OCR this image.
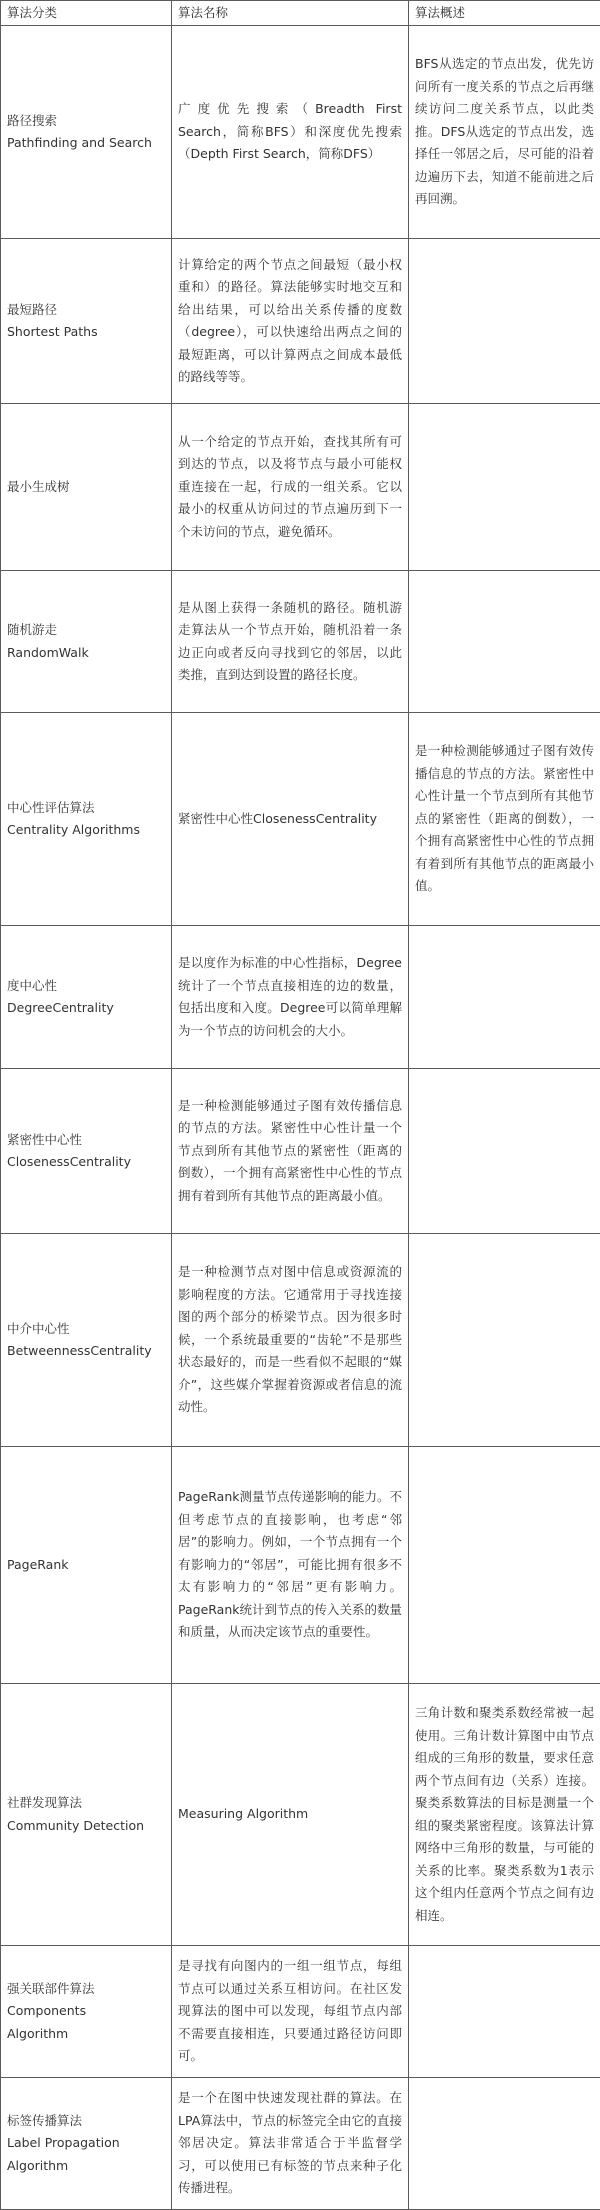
算法分类	算法名称	算法概述

路径搜索
Pathfinding and Search	广度优先搜索（Breadth First Search，简称BFS）和深度优先搜索（Depth First Search，简称DFS）	BFS从选定的节点出发，优先访问所有一度关系的节点之后再继续访问二度关系节点，以此类推。DFS从选定的节点出发，选择任一邻居之后，尽可能的沿着边遍历下去，知道不能前进之后再回溯。

最短路径
Shortest Paths	计算给定的两个节点之间最短（最小权重和）的路径。算法能够实时地交互和给出结果，可以给出关系传播的度数（degree），可以快速给出两点之间的最短距离，可以计算两点之间成本最低的路线等等。	

最小生成树	从一个给定的节点开始，查找其所有可到达的节点，以及将节点与最小可能权重连接在一起，行成的一组关系。它以最小的权重从访问过的节点遍历到下一个未访问的节点，避免循环。	

随机游走
RandomWalk	是从图上获得一条随机的路径。随机游走算法从一个节点开始，随机沿着一条边正向或者反向寻找到它的邻居，以此类推，直到达到设置的路径长度。	

中心性评估算法
Centrality Algorithms	紧密性中心性ClosenessCentrality	是一种检测能够通过子图有效传播信息的节点的方法。紧密性中心性计量一个节点到所有其他节点的紧密性（距离的倒数），一个拥有高紧密性中心性的节点拥有着到所有其他节点的距离最小值。

度中心性
DegreeCentrality	是以度作为标准的中心性指标，Degree统计了一个节点直接相连的边的数量，包括出度和入度。Degree可以简单理解为一个节点的访问机会的大小。	

紧密性中心性
ClosenessCentrality	是一种检测能够通过子图有效传播信息的节点的方法。紧密性中心性计量一个节点到所有其他节点的紧密性（距离的倒数），一个拥有高紧密性中心性的节点拥有着到所有其他节点的距离最小值。	

中介中心性
BetweennessCentrality	是一种检测节点对图中信息或资源流的影响程度的方法。它通常用于寻找连接图的两个部分的桥梁节点。因为很多时候，一个系统最重要的“齿轮”不是那些状态最好的，而是一些看似不起眼的“媒介”，这些媒介掌握着资源或者信息的流动性。	

PageRank	PageRank测量节点传递影响的能力。不但考虑节点的直接影响，也考虑“邻居”的影响力。例如，一个节点拥有一个有影响力的“邻居”，可能比拥有很多不太有影响力的“邻居”更有影响力。PageRank统计到节点的传入关系的数量和质量，从而决定该节点的重要性。	

社群发现算法
Community Detection	Measuring Algorithm	三角计数和聚类系数经常被一起使用。三角计数计算图中由节点组成的三角形的数量，要求任意两个节点间有边（关系）连接。聚类系数算法的目标是测量一个组的聚类紧密程度。该算法计算网络中三角形的数量，与可能的关系的比率。聚类系数为1表示这个组内任意两个节点之间有边相连。

强关联部件算法
Components
Algorithm	是寻找有向图内的一组一组节点，每组节点可以通过关系互相访问。在社区发现算法的图中可以发现，每组节点内部不需要直接相连，只要通过路径访问即可。	

标签传播算法
Label Propagation
Algorithm	是一个在图中快速发现社群的算法。在LPA算法中，节点的标签完全由它的直接邻居决定。算法非常适合于半监督学习，可以使用已有标签的节点来种子化传播进程。	
